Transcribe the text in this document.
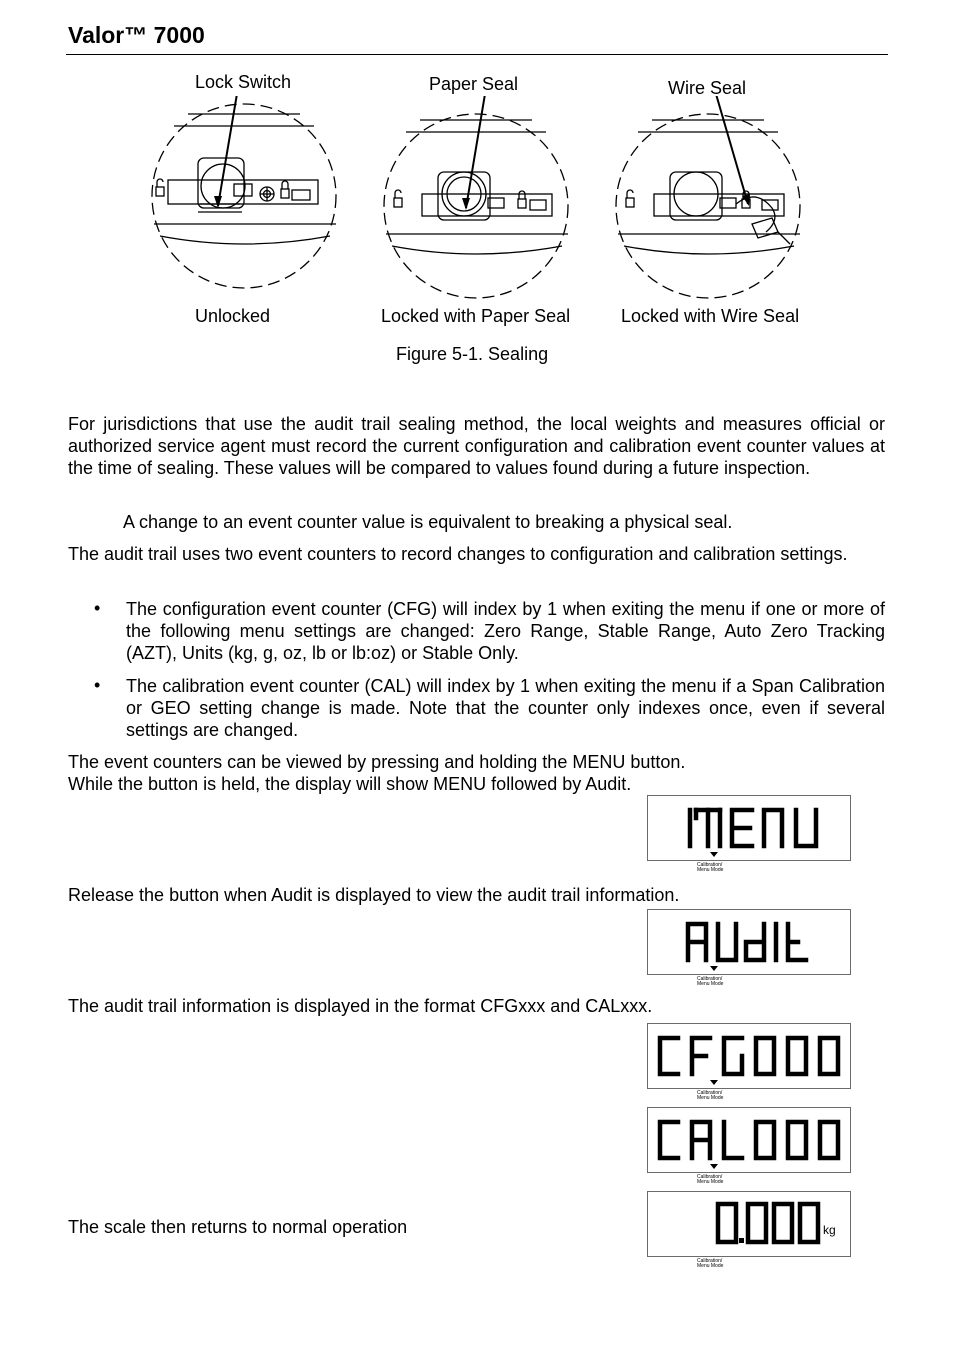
Valor™ 7000
Lock Switch	Paper Seal	Wire Seal
Unlocked	Locked with Paper Seal	Locked with Wire Seal
Figure 5-1. Sealing
For jurisdictions that use the audit trail sealing method, the local weights and measures official or authorized service agent must record the current configuration and calibration event counter values at the time of sealing. These values will be compared to values found during a future inspection.
A change to an event counter value is equivalent to breaking a physical seal.
The audit trail uses two event counters to record changes to configuration and calibration settings.
• The configuration event counter (CFG) will index by 1 when exiting the menu if one or more of the following menu settings are changed: Zero Range, Stable Range, Auto Zero Tracking (AZT), Units (kg, g, oz, lb or lb:oz) or Stable Only.
• The calibration event counter (CAL) will index by 1 when exiting the menu if a Span Calibration or GEO setting change is made. Note that the counter only indexes once, even if several settings are changed.
The event counters can be viewed by pressing and holding the MENU button.
While the button is held, the display will show MENU followed by Audit.
Release the button when Audit is displayed to view the audit trail information.
The audit trail information is displayed in the format CFGxxx and CALxxx.
The scale then returns to normal operation
Calibration/
Menu Mode
Calibration/
Menu Mode
Calibration/
Menu Mode
Calibration/
Menu Mode
kg
Calibration/
Menu Mode
